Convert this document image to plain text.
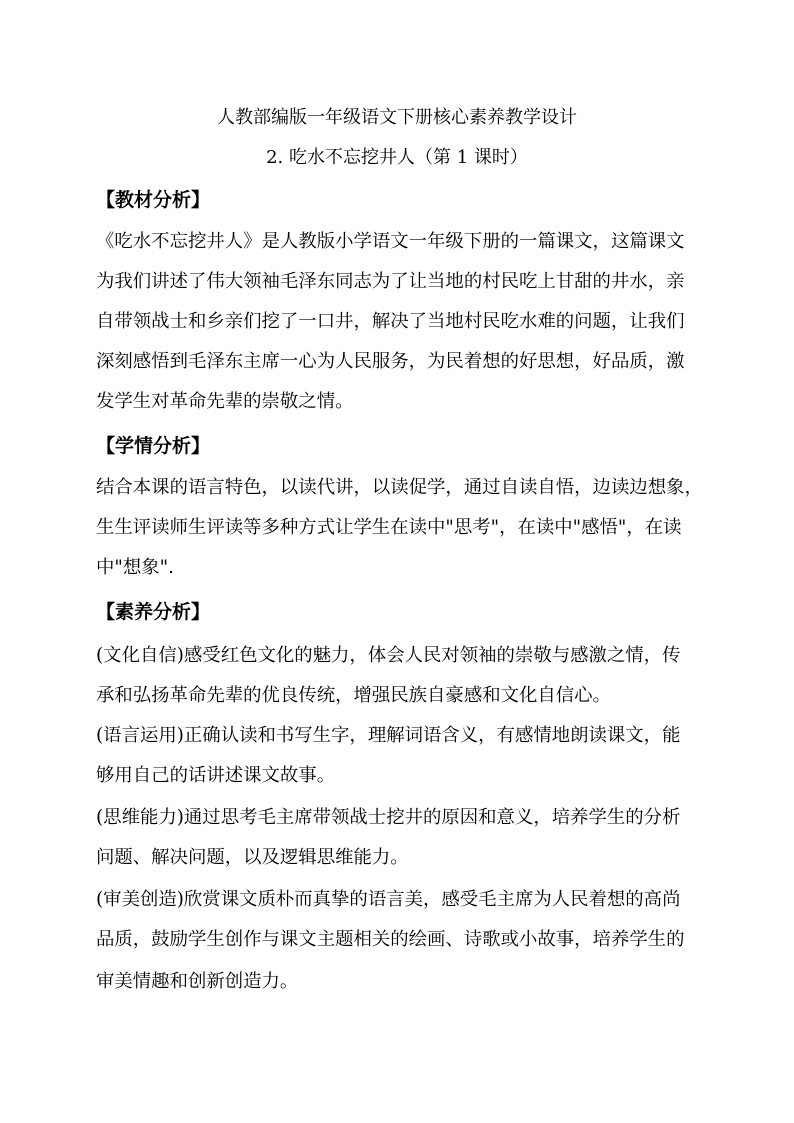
人教部编版一年级语文下册核心素养教学设计
2. 吃水不忘挖井人（第 1 课时）
【教材分析】
《吃水不忘挖井人》是人教版小学语文一年级下册的一篇课文，这篇课文
为我们讲述了伟大领袖毛泽东同志为了让当地的村民吃上甘甜的井水，亲
自带领战士和乡亲们挖了一口井，解决了当地村民吃水难的问题，让我们
深刻感悟到毛泽东主席一心为人民服务，为民着想的好思想，好品质，激
发学生对革命先辈的崇敬之情。
【学情分析】
结合本课的语言特色，以读代讲，以读促学，通过自读自悟，边读边想象，
生生评读师生评读等多种方式让学生在读中"思考"，在读中"感悟"，在读
中"想象".
【素养分析】
(文化自信)感受红色文化的魅力，体会人民对领袖的崇敬与感激之情，传
承和弘扬革命先辈的优良传统，增强民族自豪感和文化自信心。
(语言运用)正确认读和书写生字，理解词语含义，有感情地朗读课文，能
够用自己的话讲述课文故事。
(思维能力)通过思考毛主席带领战士挖井的原因和意义，培养学生的分析
问题、解决问题，以及逻辑思维能力。
(审美创造)欣赏课文质朴而真挚的语言美，感受毛主席为人民着想的高尚
品质，鼓励学生创作与课文主题相关的绘画、诗歌或小故事，培养学生的
审美情趣和创新创造力。
